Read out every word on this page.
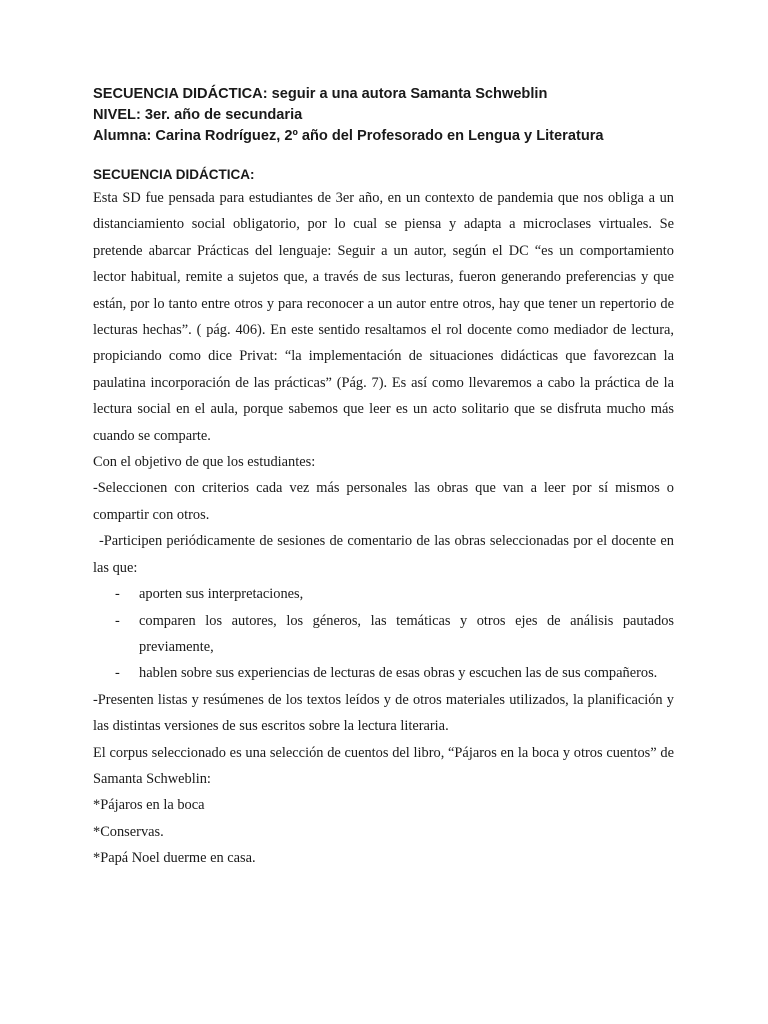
SECUENCIA DIDÁCTICA: seguir a una autora Samanta Schweblin

NIVEL: 3er. año de secundaria

Alumna: Carina Rodríguez, 2º año del Profesorado en Lengua y Literatura

SECUENCIA DIDÁCTICA:

Esta SD fue pensada para estudiantes de 3er año, en un contexto de pandemia que nos obliga a un distanciamiento social obligatorio, por lo cual se piensa y adapta a microclases virtuales. Se pretende abarcar Prácticas del lenguaje: Seguir a un autor, según el DC “es un comportamiento lector habitual, remite a sujetos que, a través de sus lecturas, fueron generando preferencias y que están, por lo tanto entre otros y para reconocer a un autor entre otros, hay que tener un repertorio de lecturas hechas”. ( pág. 406). En este sentido resaltamos el rol docente como mediador de lectura, propiciando como dice Privat: “la implementación de situaciones didácticas que favorezcan la paulatina incorporación de las prácticas” (Pág. 7). Es así como llevaremos a cabo la práctica de la lectura social en el aula, porque sabemos que leer es un acto solitario que se disfruta mucho más cuando se comparte.

Con el objetivo de que los estudiantes:

-Seleccionen con criterios cada vez más personales las obras que van a leer por sí mismos o compartir con otros.

-Participen periódicamente de sesiones de comentario de las obras seleccionadas por el docente en las que:

- aporten sus interpretaciones,
- comparen los autores, los géneros, las temáticas y otros ejes de análisis pautados previamente,
- hablen sobre sus experiencias de lecturas de esas obras y escuchen las de sus compañeros.

-Presenten listas y resúmenes de los textos leídos y de otros materiales utilizados, la planificación y las distintas versiones de sus escritos sobre la lectura literaria.

El corpus seleccionado es una selección de cuentos del libro, “Pájaros en la boca y otros cuentos” de Samanta Schweblin:

*Pájaros en la boca

*Conservas.

*Papá Noel duerme en casa.
